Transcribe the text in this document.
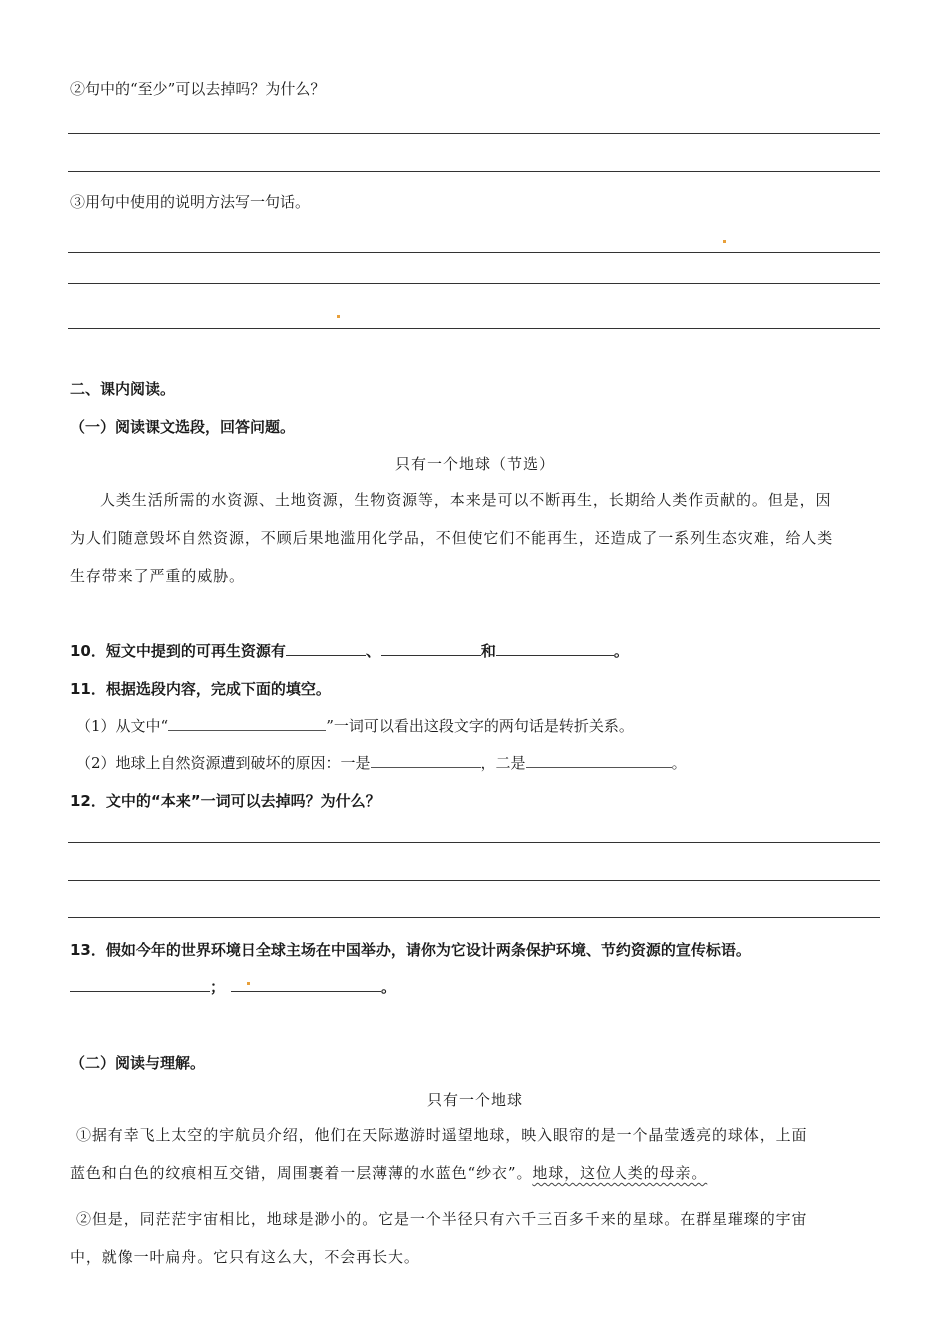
②句中的“至少”可以去掉吗？为什么？
③用句中使用的说明方法写一句话。
二、课内阅读。
（一）阅读课文选段，回答问题。
只有一个地球（节选）
人类生活所需的水资源、土地资源，生物资源等，本来是可以不断再生，长期给人类作贡献的。但是，因
为人们随意毁坏自然资源，不顾后果地滥用化学品，不但使它们不能再生，还造成了一系列生态灾难，给人类
生存带来了严重的威胁。
10．短文中提到的可再生资源有	、	和	。
11．根据选段内容，完成下面的填空。
（1）从文中“	”一词可以看出这段文字的两句话是转折关系。
（2）地球上自然资源遭到破坏的原因：一是	，二是	。
12．文中的“本来”一词可以去掉吗？为什么？
13．假如今年的世界环境日全球主场在中国举办，请你为它设计两条保护环境、节约资源的宣传标语。
；	。
（二）阅读与理解。
只有一个地球
①据有幸飞上太空的宇航员介绍，他们在天际遨游时遥望地球，映入眼帘的是一个晶莹透亮的球体，上面
蓝色和白色的纹痕相互交错，周围裹着一层薄薄的水蓝色“纱衣”。地球，这位人类的母亲。
②但是，同茫茫宇宙相比，地球是渺小的。它是一个半径只有六千三百多千来的星球。在群星璀璨的宇宙
中，就像一叶扁舟。它只有这么大，不会再长大。
